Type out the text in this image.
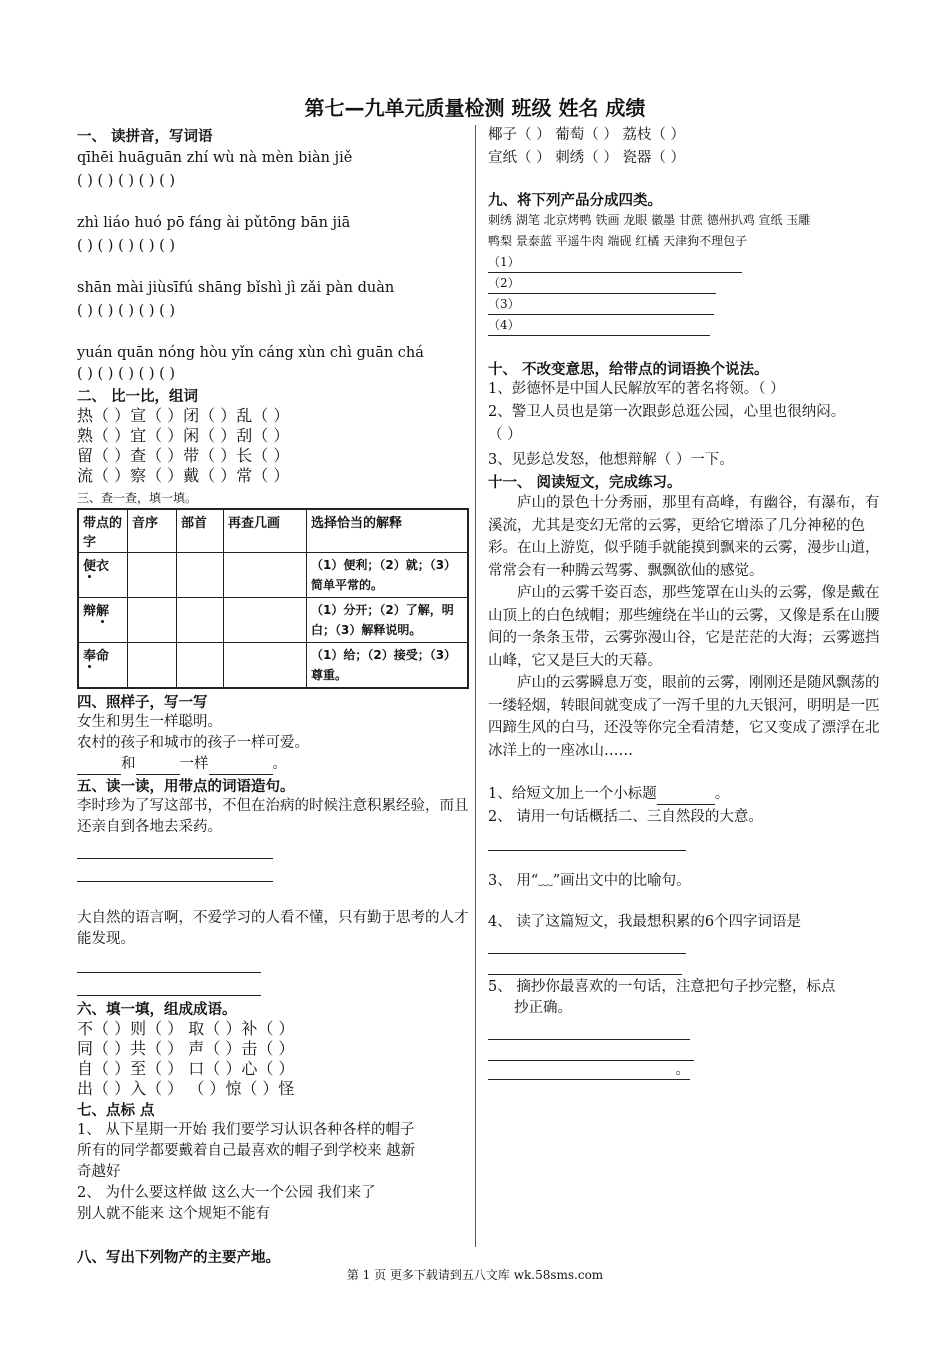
第七—九单元质量检测 班级 姓名 成绩
一、 读拼音，写词语
qīhēi huāguān zhí wù nà mèn biàn jiě
( ) ( ) ( ) ( ) ( )
zhì liáo huó pō fáng ài pǔtōng bān jiā
( ) ( ) ( ) ( ) ( )
shān mài jiùsīfú shāng bǐshì jì zǎi pàn duàn
( ) ( ) ( ) ( ) ( )
yuán quān nóng hòu yǐn cáng xùn chì guān chá
( ) ( ) ( ) ( ) ( )
二、 比一比，组词
热（ ）宣（ ）闭（ ）乱（ ）
熟（ ）宜（ ）闲（ ）刮（ ）
留（ ）查（ ）带（ ）长（ ）
流（ ）察（ ）戴（ ）常（ ）
三、查一查，填一填。
带点的字	音序	部首	再查几画	选择恰当的解释
便衣				（1）便利；（2）就；（3）简单平常的。
辩解				（1）分开；（2）了解，明白；（3）解释说明。
奉命				（1）给；（2）接受；（3）尊重。
四、照样子，写一写
女生和男生一样聪明。
农村的孩子和城市的孩子一样可爱。
和	一样	。
五、读一读，用带点的词语造句。
李时珍为了写这部书，不但在治病的时候注意积累经验，而且还亲自到各地去采药。
大自然的语言啊，不爱学习的人看不懂，只有勤于思考的人才能发现。
六、填一填，组成成语。
不（ ）则（ ） 取（ ）补（ ）
同（ ）共（ ） 声（ ）击（ ）
自（ ）至（ ） 口（ ）心（ ）
出（ ）入（ ） （ ）惊（ ）怪
七、点标 点
1、 从下星期一开始 我们要学习认识各种各样的帽子
所有的同学都要戴着自己最喜欢的帽子到学校来 越新
奇越好
2、 为什么要这样做 这么大一个公园 我们来了
别人就不能来 这个规矩不能有
八、写出下列物产的主要产地。
椰子（ ） 葡萄（ ） 荔枝（ ）
宣纸（ ） 刺绣（ ） 瓷器（ ）
九、将下列产品分成四类。
刺绣 湖笔 北京烤鸭 铁画 龙眼 徽墨 甘蔗 德州扒鸡 宣纸 玉雕
鸭梨 景泰蓝 平遥牛肉 端砚 红橘 天津狗不理包子
（1）
（2）
（3）
（4）
十、 不改变意思，给带点的词语换个说法。
1、彭德怀是中国人民解放军的著名将领。（ ）
2、警卫人员也是第一次跟彭总逛公园，心里也很纳闷。
（ ）
3、见彭总发怒，他想辩解（ ）一下。
十一、 阅读短文，完成练习。
庐山的景色十分秀丽，那里有高峰，有幽谷，有瀑布，有溪流，尤其是变幻无常的云雾，更给它增添了几分神秘的色彩。在山上游览，似乎随手就能摸到飘来的云雾，漫步山道，常常会有一种腾云驾雾、飘飘欲仙的感觉。
庐山的云雾千姿百态，那些笼罩在山头的云雾，像是戴在山顶上的白色绒帽；那些缠绕在半山的云雾，又像是系在山腰间的一条条玉带，云雾弥漫山谷，它是茫茫的大海；云雾遮挡山峰，它又是巨大的天幕。
庐山的云雾瞬息万变，眼前的云雾，刚刚还是随风飘荡的一缕轻烟，转眼间就变成了一泻千里的九天银河，明明是一匹四蹄生风的白马，还没等你完全看清楚，它又变成了漂浮在北冰洋上的一座冰山……
1、给短文加上一个小标题	。
2、 请用一句话概括二、三自然段的大意。
3、 用“﹏”画出文中的比喻句。
4、 读了这篇短文，我最想积累的6个四字词语是
5、 摘抄你最喜欢的一句话，注意把句子抄完整，标点
抄正确。
。
第 1 页 更多下载请到五八文库 wk.58sms.com
